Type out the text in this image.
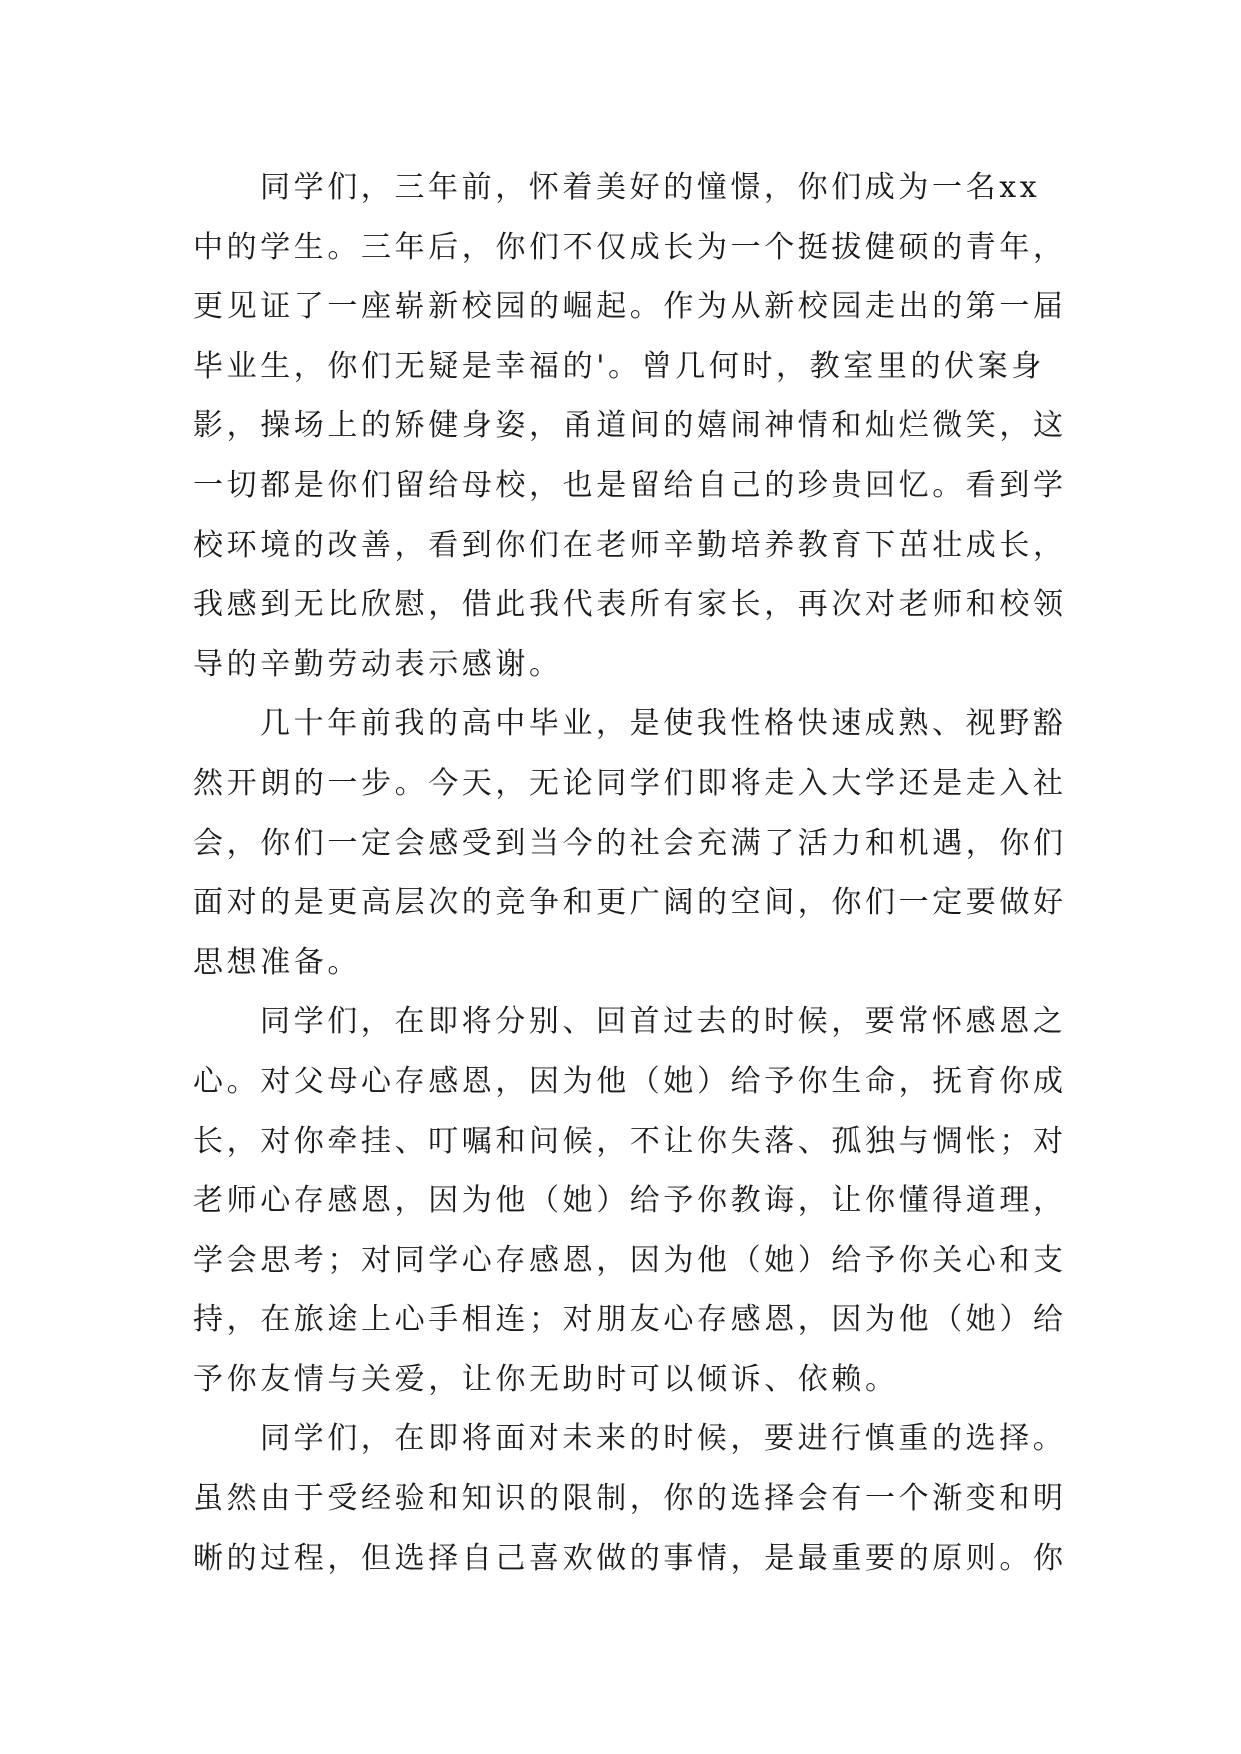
同学们，三年前，怀着美好的憧憬，你们成为一名xx
中的学生。三年后，你们不仅成长为一个挺拔健硕的青年，
更见证了一座崭新校园的崛起。作为从新校园走出的第一届
毕业生，你们无疑是幸福的'。曾几何时，教室里的伏案身
影，操场上的矫健身姿，甬道间的嬉闹神情和灿烂微笑，这
一切都是你们留给母校，也是留给自己的珍贵回忆。看到学
校环境的改善，看到你们在老师辛勤培养教育下茁壮成长，
我感到无比欣慰，借此我代表所有家长，再次对老师和校领
导的辛勤劳动表示感谢。
几十年前我的高中毕业，是使我性格快速成熟、视野豁
然开朗的一步。今天，无论同学们即将走入大学还是走入社
会，你们一定会感受到当今的社会充满了活力和机遇，你们
面对的是更高层次的竞争和更广阔的空间，你们一定要做好
思想准备。
同学们，在即将分别、回首过去的时候，要常怀感恩之
心。对父母心存感恩，因为他（她）给予你生命，抚育你成
长，对你牵挂、叮嘱和问候，不让你失落、孤独与惆怅；对
老师心存感恩，因为他（她）给予你教诲，让你懂得道理，
学会思考；对同学心存感恩，因为他（她）给予你关心和支
持，在旅途上心手相连；对朋友心存感恩，因为他（她）给
予你友情与关爱，让你无助时可以倾诉、依赖。
同学们，在即将面对未来的时候，要进行慎重的选择。
虽然由于受经验和知识的限制，你的选择会有一个渐变和明
晰的过程，但选择自己喜欢做的事情，是最重要的原则。你
